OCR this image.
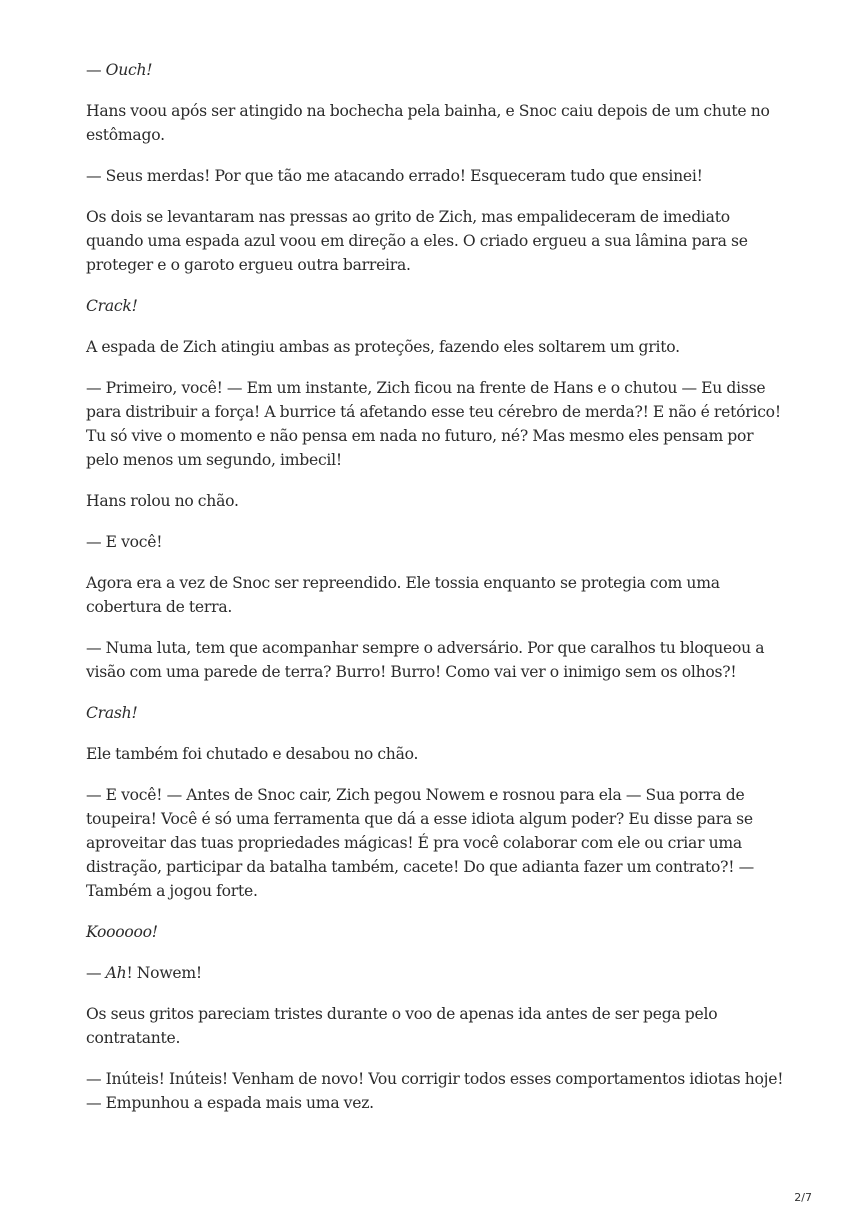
— Ouch!

Hans voou após ser atingido na bochecha pela bainha, e Snoc caiu depois de um chute no estômago.

— Seus merdas! Por que tão me atacando errado! Esqueceram tudo que ensinei!

Os dois se levantaram nas pressas ao grito de Zich, mas empalideceram de imediato quando uma espada azul voou em direção a eles. O criado ergueu a sua lâmina para se proteger e o garoto ergueu outra barreira.

Crack!

A espada de Zich atingiu ambas as proteções, fazendo eles soltarem um grito.

— Primeiro, você! — Em um instante, Zich ficou na frente de Hans e o chutou — Eu disse para distribuir a força! A burrice tá afetando esse teu cérebro de merda?! E não é retórico! Tu só vive o momento e não pensa em nada no futuro, né? Mas mesmo eles pensam por pelo menos um segundo, imbecil!

Hans rolou no chão.

— E você!

Agora era a vez de Snoc ser repreendido. Ele tossia enquanto se protegia com uma cobertura de terra.

— Numa luta, tem que acompanhar sempre o adversário. Por que caralhos tu bloqueou a visão com uma parede de terra? Burro! Burro! Como vai ver o inimigo sem os olhos?!

Crash!

Ele também foi chutado e desabou no chão.

— E você! — Antes de Snoc cair, Zich pegou Nowem e rosnou para ela — Sua porra de toupeira! Você é só uma ferramenta que dá a esse idiota algum poder? Eu disse para se aproveitar das tuas propriedades mágicas! É pra você colaborar com ele ou criar uma distração, participar da batalha também, cacete! Do que adianta fazer um contrato?! — Também a jogou forte.

Koooooo!

— Ah! Nowem!

Os seus gritos pareciam tristes durante o voo de apenas ida antes de ser pega pelo contratante.

— Inúteis! Inúteis! Venham de novo! Vou corrigir todos esses comportamentos idiotas hoje! — Empunhou a espada mais uma vez.

2/7
